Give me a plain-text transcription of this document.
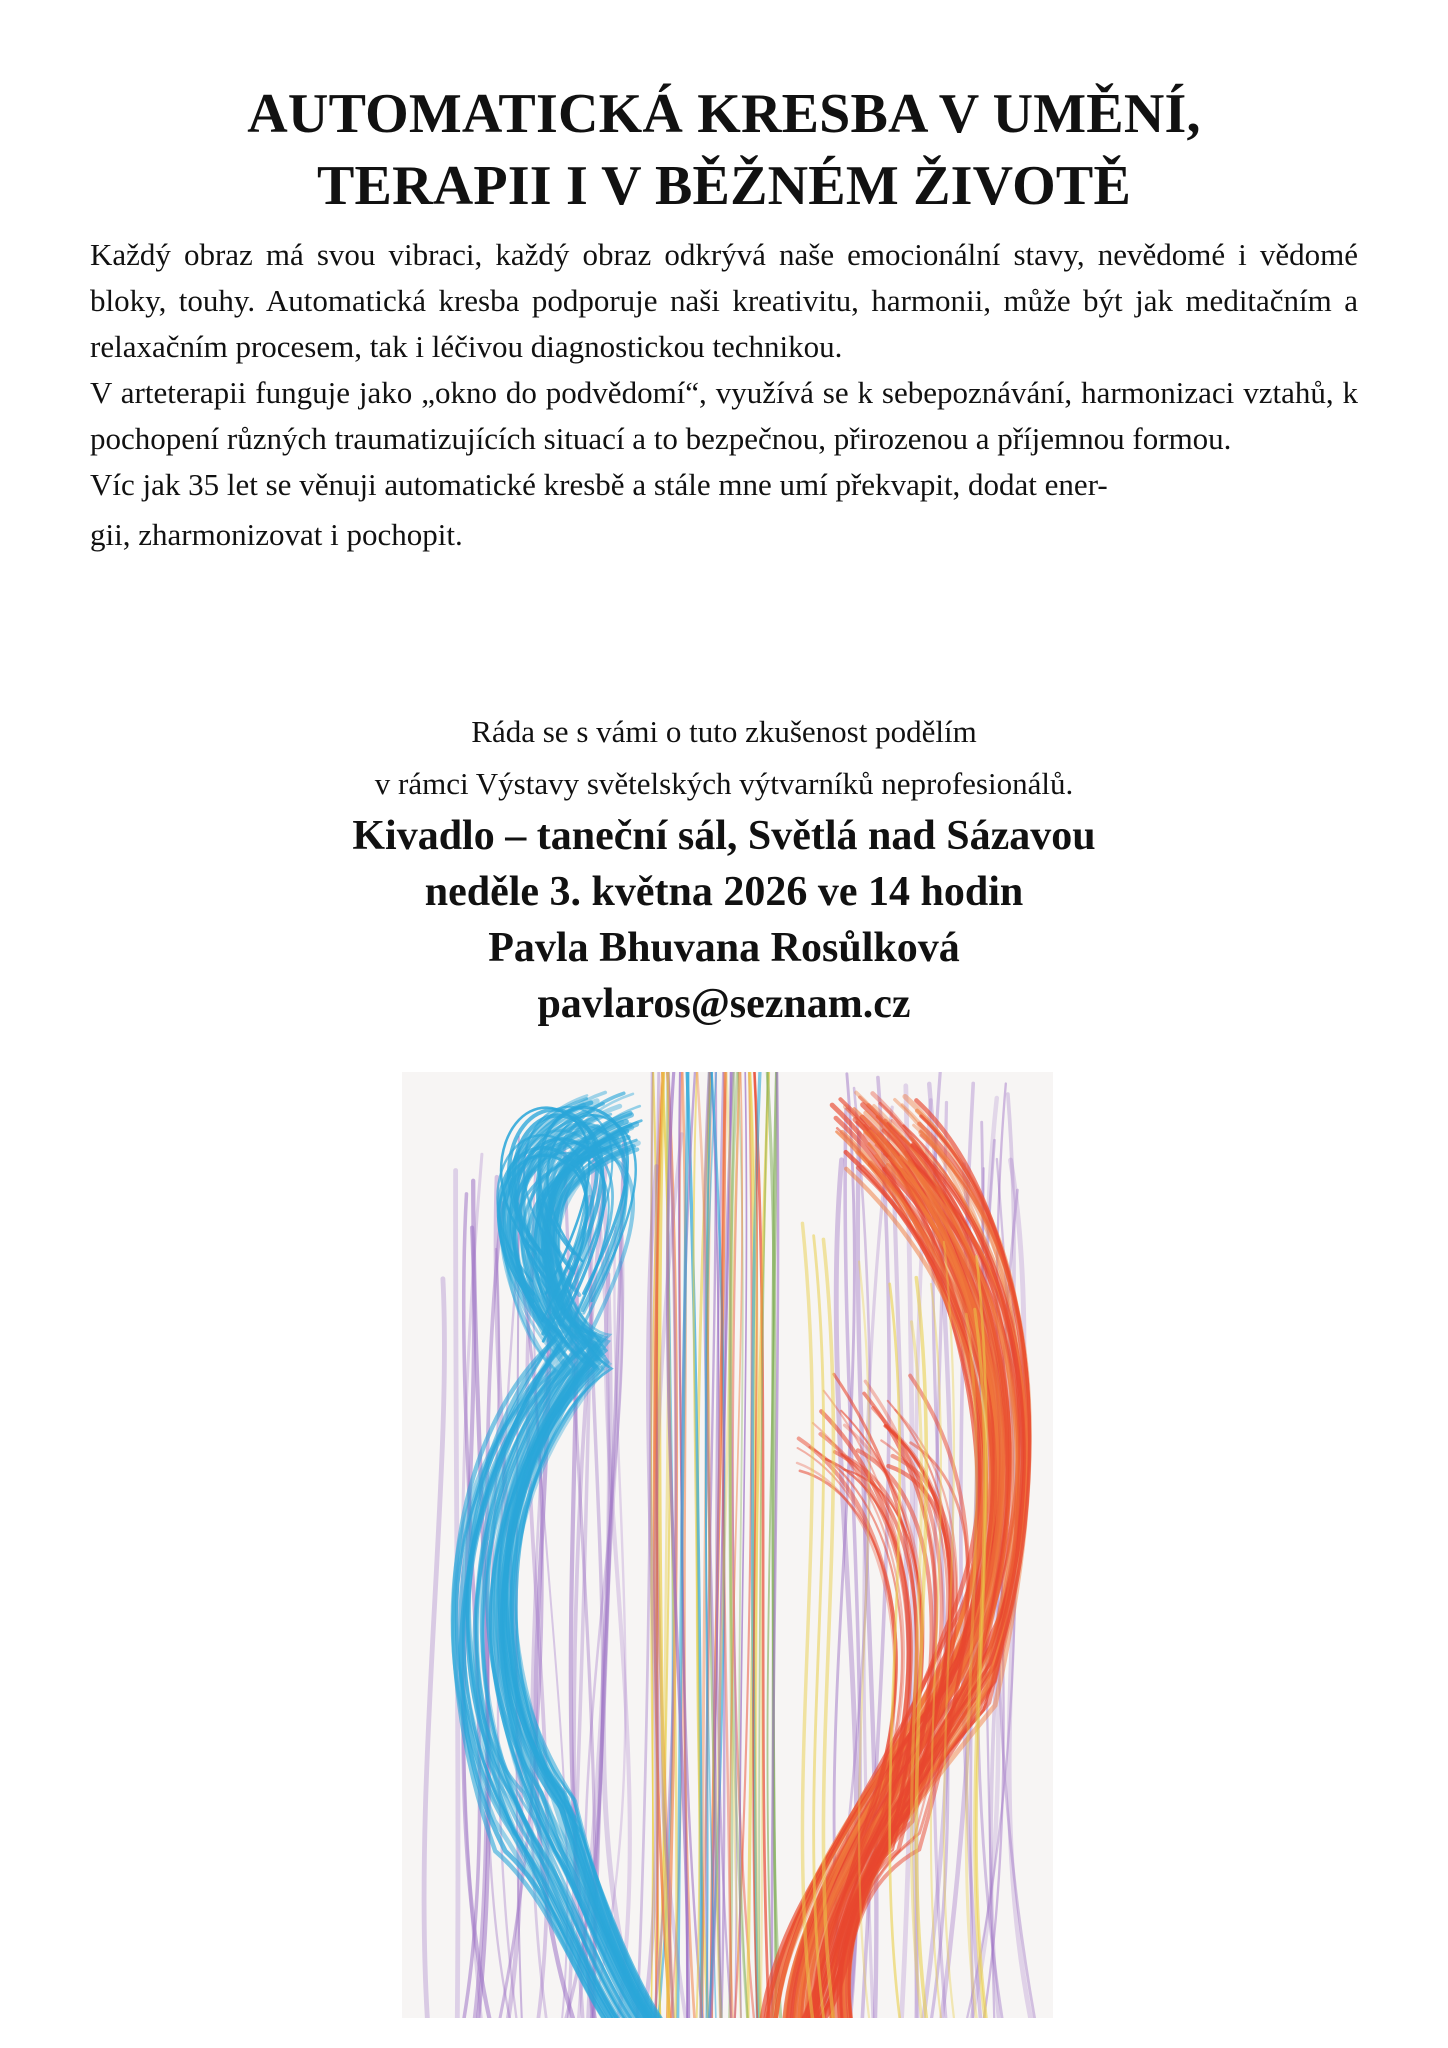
AUTOMATICKÁ KRESBA V UMĚNÍ,
TERAPII I V BĚŽNÉM ŽIVOTĚ

Každý obraz má svou vibraci, každý obraz odkrývá naše emocionální stavy, nevědomé i vědomé bloky, touhy. Automatická kresba podporuje naši kreativitu, harmonii, může být jak meditačním a relaxačním procesem, tak i léčivou diagnostickou technikou.

V arteterapii funguje jako „okno do podvědomí“, využívá se k sebepoznávání, harmonizaci vztahů, k pochopení různých traumatizujících situací a to bezpečnou, přirozenou a příjemnou formou.

Víc jak 35 let se věnuji automatické kresbě a stále mne umí překvapit, dodat ener-
gii, zharmonizovat i pochopit.

Ráda se s vámi o tuto zkušenost podělím
v rámci Výstavy světelských výtvarníků neprofesionálů.
Kivadlo – taneční sál, Světlá nad Sázavou
neděle 3. května 2026 ve 14 hodin
Pavla Bhuvana Rosůlková
pavlaros@seznam.cz
